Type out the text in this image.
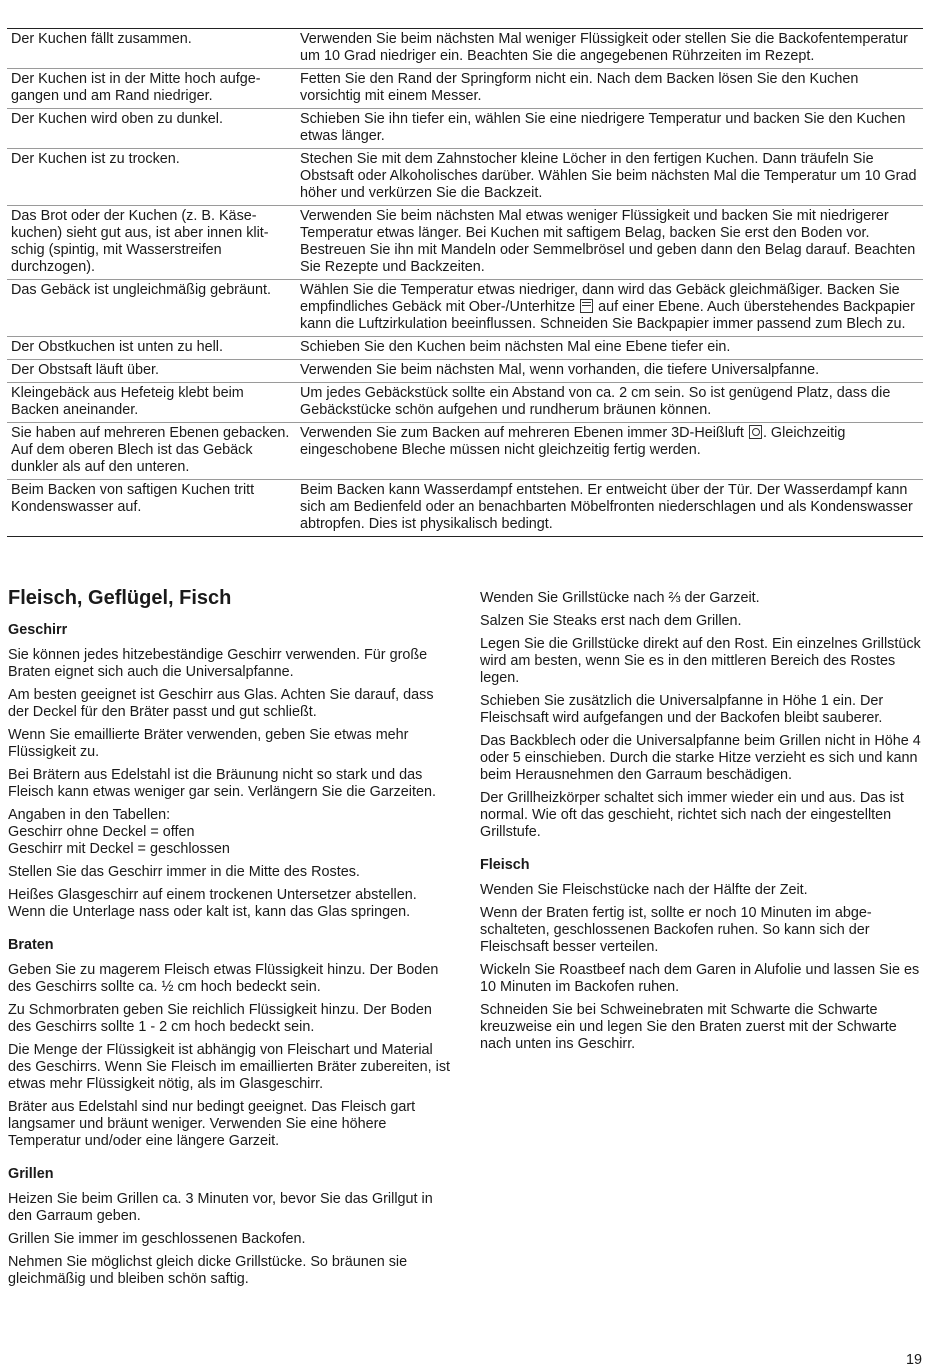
Der Kuchen fällt zusammen.	Verwenden Sie beim nächsten Mal weniger Flüssigkeit oder stellen Sie die Backofentemperatur um 10 Grad niedriger ein. Beachten Sie die angegebenen Rührzeiten im Rezept.
Der Kuchen ist in der Mitte hoch aufgegangen und am Rand niedriger.	Fetten Sie den Rand der Springform nicht ein. Nach dem Backen lösen Sie den Kuchen vorsichtig mit einem Messer.
Der Kuchen wird oben zu dunkel.	Schieben Sie ihn tiefer ein, wählen Sie eine niedrigere Temperatur und backen Sie den Kuchen etwas länger.
Der Kuchen ist zu trocken.	Stechen Sie mit dem Zahnstocher kleine Löcher in den fertigen Kuchen. Dann träufeln Sie Obstsaft oder Alkoholisches darüber. Wählen Sie beim nächsten Mal die Temperatur um 10 Grad höher und verkürzen Sie die Backzeit.
Das Brot oder der Kuchen (z. B. Käsekuchen) sieht gut aus, ist aber innen klitschig (spintig, mit Wasserstreifen durchzogen).	Verwenden Sie beim nächsten Mal etwas weniger Flüssigkeit und backen Sie mit niedrigerer Temperatur etwas länger. Bei Kuchen mit saftigem Belag, backen Sie erst den Boden vor. Bestreuen Sie ihn mit Mandeln oder Semmelbrösel und geben dann den Belag darauf. Beachten Sie Rezepte und Backzeiten.
Das Gebäck ist ungleichmäßig gebräunt.	Wählen Sie die Temperatur etwas niedriger, dann wird das Gebäck gleichmäßiger. Backen Sie empfindliches Gebäck mit Ober-/Unterhitze  auf einer Ebene. Auch überstehendes Backpapier kann die Luftzirkulation beeinflussen. Schneiden Sie Backpapier immer passend zum Blech zu.
Der Obstkuchen ist unten zu hell.	Schieben Sie den Kuchen beim nächsten Mal eine Ebene tiefer ein.
Der Obstsaft läuft über.	Verwenden Sie beim nächsten Mal, wenn vorhanden, die tiefere Universalpfanne.
Kleingebäck aus Hefeteig klebt beim Backen aneinander.	Um jedes Gebäckstück sollte ein Abstand von ca. 2 cm sein. So ist genügend Platz, dass die Gebäckstücke schön aufgehen und rundherum bräunen können.
Sie haben auf mehreren Ebenen gebacken. Auf dem oberen Blech ist das Gebäck dunkler als auf den unteren.	Verwenden Sie zum Backen auf mehreren Ebenen immer 3D-Heißluft . Gleichzeitig eingeschobene Bleche müssen nicht gleichzeitig fertig werden.
Beim Backen von saftigen Kuchen tritt Kondenswasser auf.	Beim Backen kann Wasserdampf entstehen. Er entweicht über der Tür. Der Wasserdampf kann sich am Bedienfeld oder an benachbarten Möbelfronten niederschlagen und als Kondenswasser abtropfen. Dies ist physikalisch bedingt.
Fleisch, Geflügel, Fisch
Geschirr

Sie können jedes hitzebeständige Geschirr verwenden. Für große Braten eignet sich auch die Universalpfanne.

Am besten geeignet ist Geschirr aus Glas. Achten Sie darauf, dass der Deckel für den Bräter passt und gut schließt.

Wenn Sie emaillierte Bräter verwenden, geben Sie etwas mehr Flüssigkeit zu.

Bei Brätern aus Edelstahl ist die Bräunung nicht so stark und das Fleisch kann etwas weniger gar sein. Verlängern Sie die Garzeiten.

Angaben in den Tabellen:
Geschirr ohne Deckel = offen
Geschirr mit Deckel = geschlossen

Stellen Sie das Geschirr immer in die Mitte des Rostes.

Heißes Glasgeschirr auf einem trockenen Untersetzer abstellen. Wenn die Unterlage nass oder kalt ist, kann das Glas springen.

Braten

Geben Sie zu magerem Fleisch etwas Flüssigkeit hinzu. Der Boden des Geschirrs sollte ca. ½ cm hoch bedeckt sein.

Zu Schmorbraten geben Sie reichlich Flüssigkeit hinzu. Der Boden des Geschirrs sollte 1 - 2 cm hoch bedeckt sein.

Die Menge der Flüssigkeit ist abhängig von Fleischart und Material des Geschirrs. Wenn Sie Fleisch im emaillierten Bräter zubereiten, ist etwas mehr Flüssigkeit nötig, als im Glasgeschirr.

Bräter aus Edelstahl sind nur bedingt geeignet. Das Fleisch gart langsamer und bräunt weniger. Verwenden Sie eine höhere Temperatur und/oder eine längere Garzeit.

Grillen

Heizen Sie beim Grillen ca. 3 Minuten vor, bevor Sie das Grillgut in den Garraum geben.

Grillen Sie immer im geschlossenen Backofen.

Nehmen Sie möglichst gleich dicke Grillstücke. So bräunen sie gleichmäßig und bleiben schön saftig.

Wenden Sie Grillstücke nach ⅔ der Garzeit.

Salzen Sie Steaks erst nach dem Grillen.

Legen Sie die Grillstücke direkt auf den Rost. Ein einzelnes Grillstück wird am besten, wenn Sie es in den mittleren Bereich des Rostes legen.

Schieben Sie zusätzlich die Universalpfanne in Höhe 1 ein. Der Fleischsaft wird aufgefangen und der Backofen bleibt sauberer.

Das Backblech oder die Universalpfanne beim Grillen nicht in Höhe 4 oder 5 einschieben. Durch die starke Hitze verzieht es sich und kann beim Herausnehmen den Garraum beschädigen.

Der Grillheizkörper schaltet sich immer wieder ein und aus. Das ist normal. Wie oft das geschieht, richtet sich nach der eingestellten Grillstufe.

Fleisch

Wenden Sie Fleischstücke nach der Hälfte der Zeit.

Wenn der Braten fertig ist, sollte er noch 10 Minuten im abgeschalteten, geschlossenen Backofen ruhen. So kann sich der Fleischsaft besser verteilen.

Wickeln Sie Roastbeef nach dem Garen in Alufolie und lassen Sie es 10 Minuten im Backofen ruhen.

Schneiden Sie bei Schweinebraten mit Schwarte die Schwarte kreuzweise ein und legen Sie den Braten zuerst mit der Schwarte nach unten ins Geschirr.

19
